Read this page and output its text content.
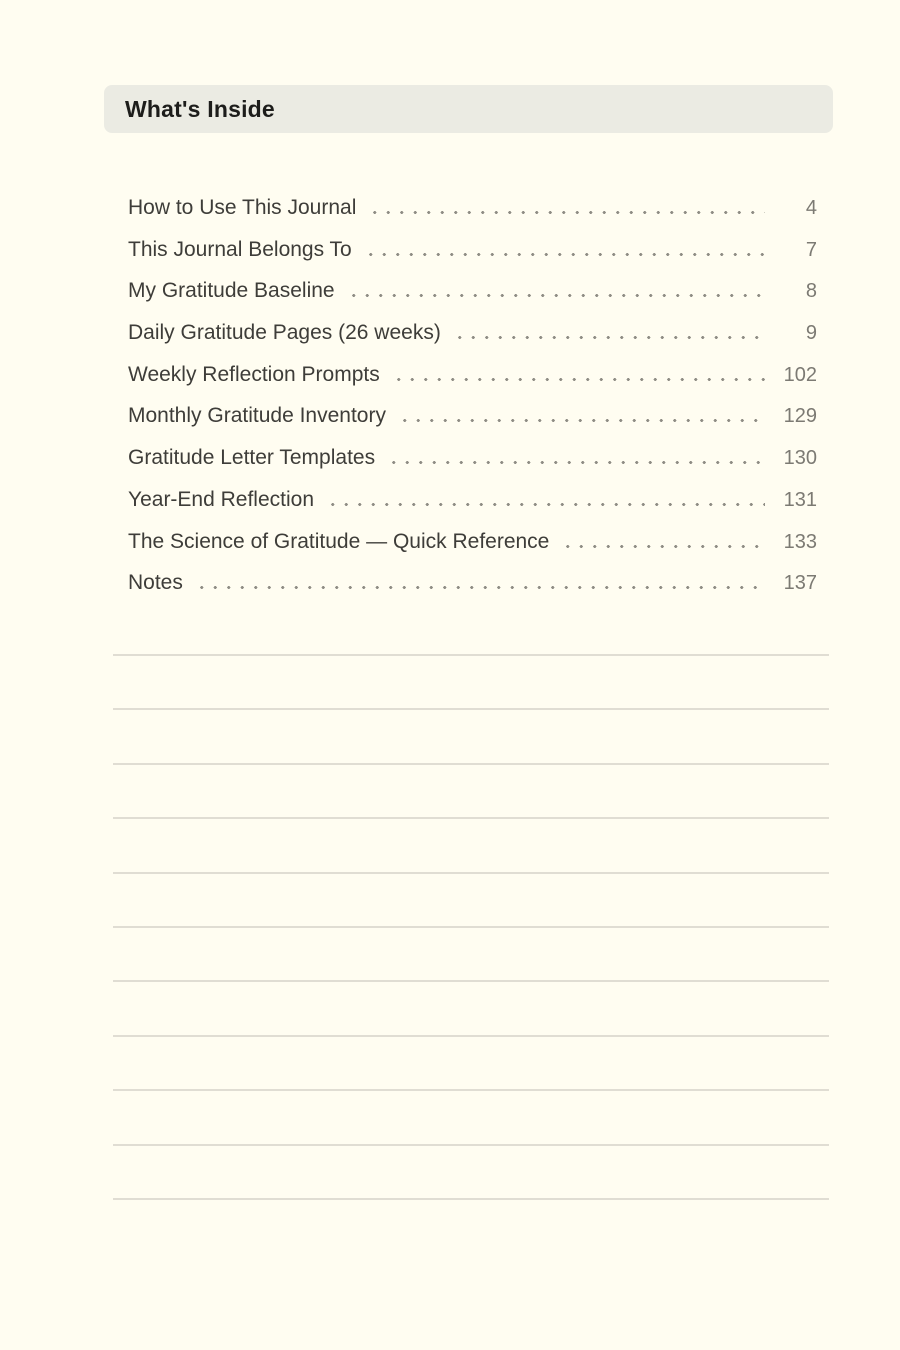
What's Inside
How to Use This Journal	4
This Journal Belongs To	7
My Gratitude Baseline	8
Daily Gratitude Pages (26 weeks)	9
Weekly Reflection Prompts	102
Monthly Gratitude Inventory	129
Gratitude Letter Templates	130
Year-End Reflection	131
The Science of Gratitude — Quick Reference	133
Notes	137
